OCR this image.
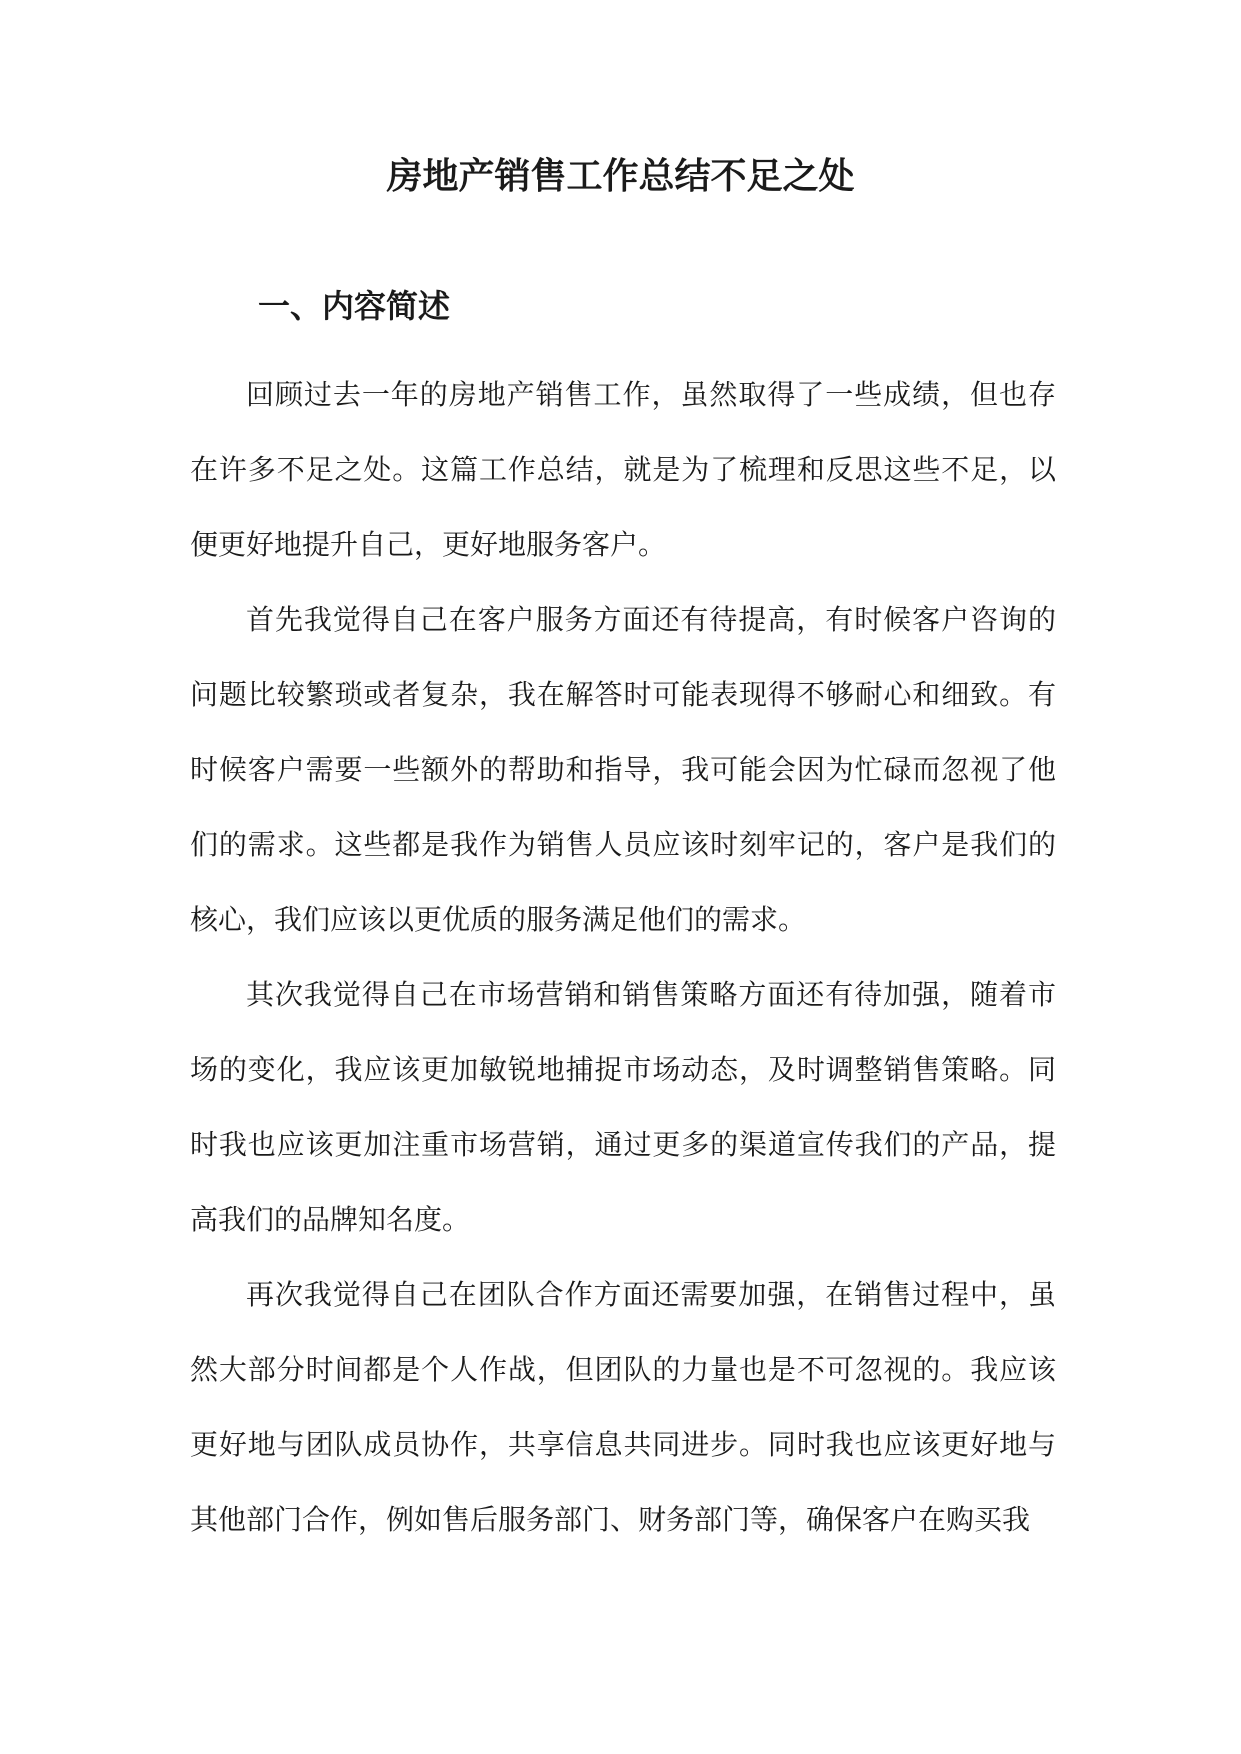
房地产销售工作总结不足之处
一、内容简述

回顾过去一年的房地产销售工作，虽然取得了一些成绩，但也存在许多不足之处。这篇工作总结，就是为了梳理和反思这些不足，以便更好地提升自己，更好地服务客户。

首先我觉得自己在客户服务方面还有待提高，有时候客户咨询的问题比较繁琐或者复杂，我在解答时可能表现得不够耐心和细致。有时候客户需要一些额外的帮助和指导，我可能会因为忙碌而忽视了他们的需求。这些都是我作为销售人员应该时刻牢记的，客户是我们的核心，我们应该以更优质的服务满足他们的需求。

其次我觉得自己在市场营销和销售策略方面还有待加强，随着市场的变化，我应该更加敏锐地捕捉市场动态，及时调整销售策略。同时我也应该更加注重市场营销，通过更多的渠道宣传我们的产品，提高我们的品牌知名度。

再次我觉得自己在团队合作方面还需要加强，在销售过程中，虽然大部分时间都是个人作战，但团队的力量也是不可忽视的。我应该更好地与团队成员协作，共享信息共同进步。同时我也应该更好地与其他部门合作，例如售后服务部门、财务部门等，确保客户在购买我
